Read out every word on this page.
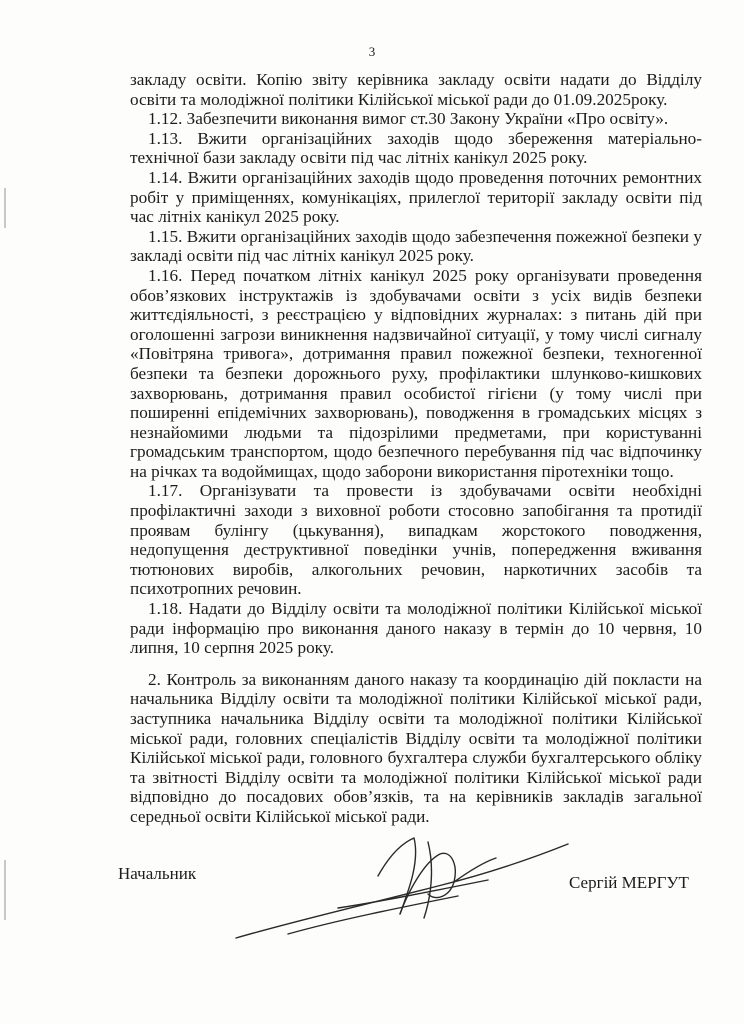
3

закладу освіти. Копію звіту керівника закладу освіти надати до Відділу освіти та молодіжної політики Кілійської міської ради до 01.09.2025року.

1.12. Забезпечити виконання вимог ст.30 Закону України «Про освіту».

1.13. Вжити організаційних заходів щодо збереження матеріально-технічної бази закладу освіти під час літніх канікул 2025 року.

1.14. Вжити організаційних заходів щодо проведення поточних ремонтних робіт у приміщеннях, комунікаціях, прилеглої території закладу освіти під час літніх канікул 2025 року.

1.15. Вжити організаційних заходів щодо забезпечення пожежної безпеки у закладі освіти під час літніх канікул 2025 року.

1.16. Перед початком літніх канікул 2025 року організувати проведення обов’язкових інструктажів із здобувачами освіти з усіх видів безпеки життєдіяльності, з реєстрацією у відповідних журналах: з питань дій при оголошенні загрози виникнення надзвичайної ситуації, у тому числі сигналу «Повітряна тривога», дотримання правил пожежної безпеки, техногенної безпеки та безпеки дорожнього руху, профілактики шлунково-кишкових захворювань, дотримання правил особистої гігієни (у тому числі при поширенні епідемічних захворювань), поводження в громадських місцях з незнайомими людьми та підозрілими предметами, при користуванні громадським транспортом, щодо безпечного перебування під час відпочинку на річках та водоймищах, щодо заборони використання піротехніки тощо.

1.17. Організувати та провести із здобувачами освіти необхідні профілактичні заходи з виховної роботи стосовно запобігання та протидії проявам булінгу (цькування), випадкам жорстокого поводження, недопущення деструктивної поведінки учнів, попередження вживання тютюнових виробів, алкогольних речовин, наркотичних засобів та психотропних речовин.

1.18. Надати до Відділу освіти та молодіжної політики Кілійської міської ради інформацію про виконання даного наказу в термін до 10 червня, 10 липня, 10 серпня 2025 року.

2. Контроль за виконанням даного наказу та координацію дій покласти на начальника Відділу освіти та молодіжної політики Кілійської міської ради, заступника начальника Відділу освіти та молодіжної політики Кілійської міської ради, головних спеціалістів Відділу освіти та молодіжної політики Кілійської міської ради, головного бухгалтера служби бухгалтерського обліку та звітності Відділу освіти та молодіжної політики Кілійської міської ради відповідно до посадових обов’язків, та на керівників закладів загальної середньої освіти Кілійської міської ради.

Начальник	Сергій МЕРГУТ
